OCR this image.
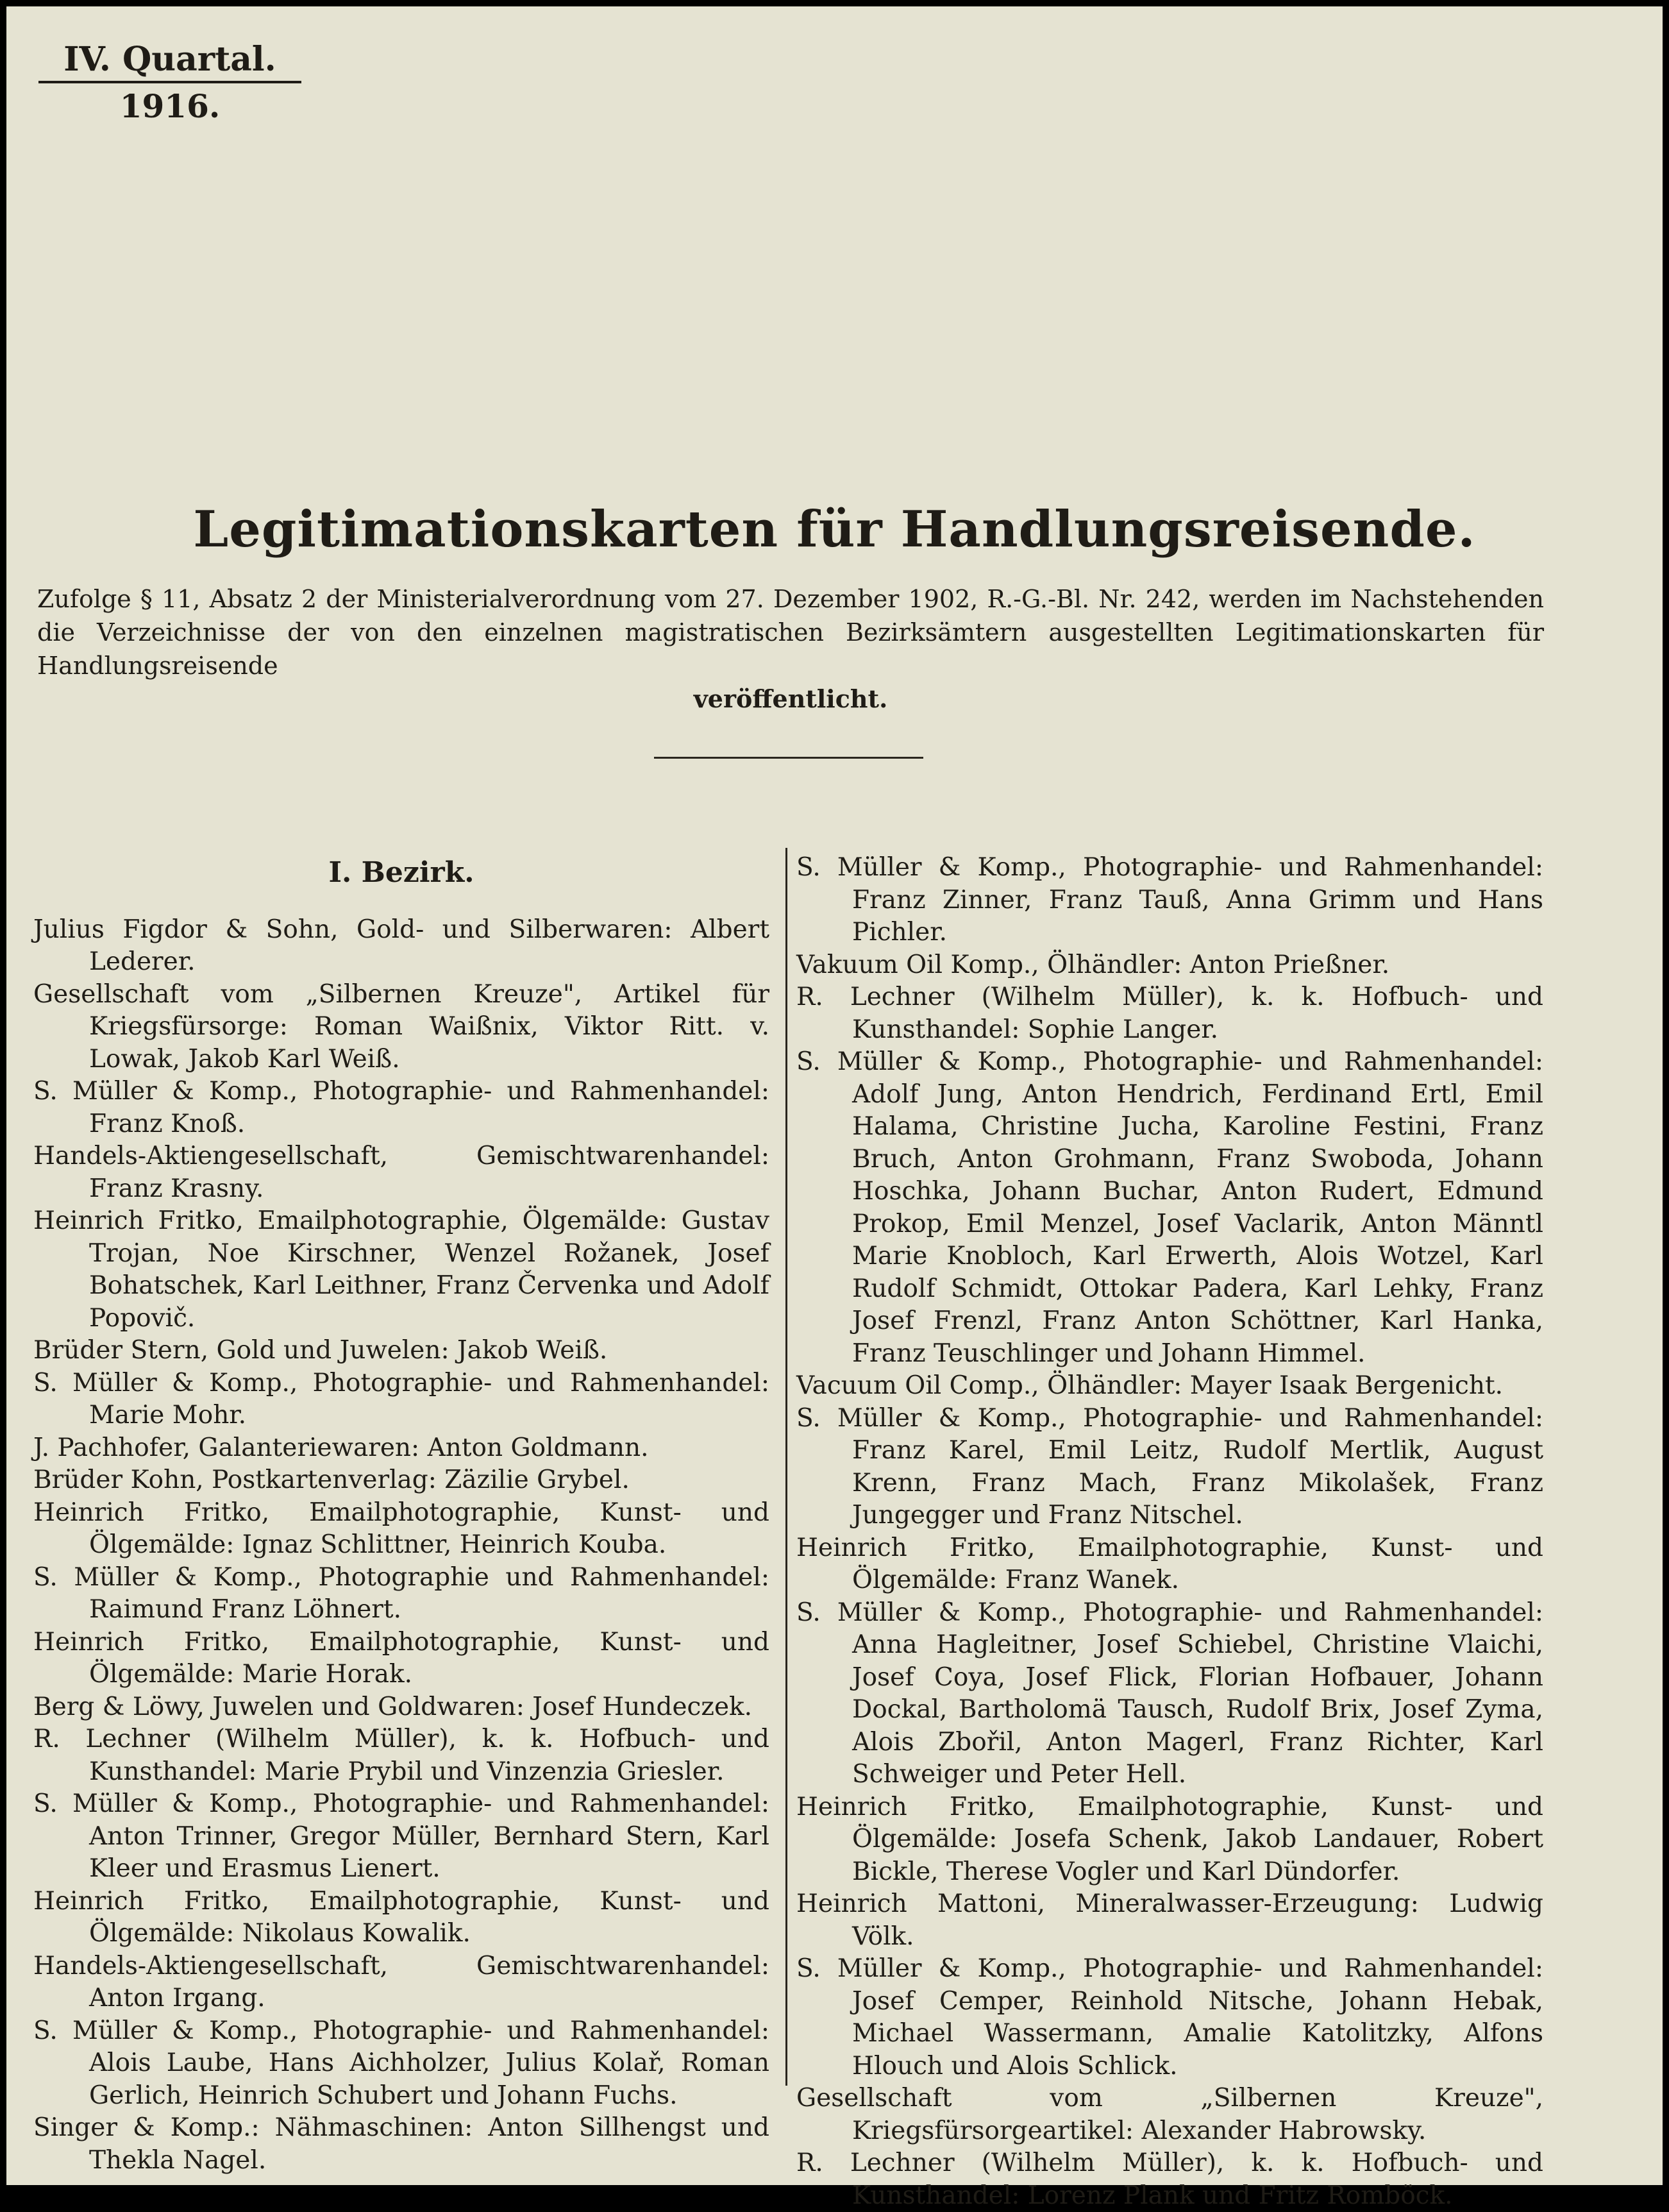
IV. Quartal.
1916.
Legitimationskarten für Handlungsreisende.
Zufolge § 11, Absatz 2 der Ministerialverordnung vom 27. Dezember 1902, R.-G.-Bl. Nr. 242, werden im Nachstehenden die Verzeichnisse der von den einzelnen magistratischen Bezirksämtern ausgestellten Legitimationskarten für Handlungsreisende
veröffentlicht.
I. Bezirk.
Julius Figdor & Sohn, Gold- und Silberwaren: Albert Lederer.
Gesellschaft vom „Silbernen Kreuze", Artikel für Kriegsfürsorge: Roman Waißnix, Viktor Ritt. v. Lowak, Jakob Karl Weiß.
S. Müller & Komp., Photographie- und Rahmenhandel: Franz Knoß.
Handels-Aktiengesellschaft, Gemischtwarenhandel: Franz Krasny.
Heinrich Fritko, Emailphotographie, Ölgemälde: Gustav Trojan, Noe Kirschner, Wenzel Rožanek, Josef Bohatschek, Karl Leithner, Franz Červenka und Adolf Popovič.
Brüder Stern, Gold und Juwelen: Jakob Weiß.
S. Müller & Komp., Photographie- und Rahmenhandel: Marie Mohr.
J. Pachhofer, Galanteriewaren: Anton Goldmann.
Brüder Kohn, Postkartenverlag: Zäzilie Grybel.
Heinrich Fritko, Emailphotographie, Kunst- und Ölgemälde: Ignaz Schlittner, Heinrich Kouba.
S. Müller & Komp., Photographie und Rahmenhandel: Raimund Franz Löhnert.
Heinrich Fritko, Emailphotographie, Kunst- und Ölgemälde: Marie Horak.
Berg & Löwy, Juwelen und Goldwaren: Josef Hundeczek.
R. Lechner (Wilhelm Müller), k. k. Hofbuch- und Kunsthandel: Marie Prybil und Vinzenzia Griesler.
S. Müller & Komp., Photographie- und Rahmenhandel: Anton Trinner, Gregor Müller, Bernhard Stern, Karl Kleer und Erasmus Lienert.
Heinrich Fritko, Emailphotographie, Kunst- und Ölgemälde: Nikolaus Kowalik.
Handels-Aktiengesellschaft, Gemischtwarenhandel: Anton Irgang.
S. Müller & Komp., Photographie- und Rahmenhandel: Alois Laube, Hans Aichholzer, Julius Kolař, Roman Gerlich, Heinrich Schubert und Johann Fuchs.
Singer & Komp.: Nähmaschinen: Anton Sillhengst und Thekla Nagel.
S. Müller & Komp., Photographie- und Rahmenhandel: Franz Zinner, Franz Tauß, Anna Grimm und Hans Pichler.
Vakuum Oil Komp., Ölhändler: Anton Prießner.
R. Lechner (Wilhelm Müller), k. k. Hofbuch- und Kunsthandel: Sophie Langer.
S. Müller & Komp., Photographie- und Rahmenhandel: Adolf Jung, Anton Hendrich, Ferdinand Ertl, Emil Halama, Christine Jucha, Karoline Festini, Franz Bruch, Anton Grohmann, Franz Swoboda, Johann Hoschka, Johann Buchar, Anton Rudert, Edmund Prokop, Emil Menzel, Josef Vaclarik, Anton Männtl Marie Knobloch, Karl Erwerth, Alois Wotzel, Karl Rudolf Schmidt, Ottokar Padera, Karl Lehky, Franz Josef Frenzl, Franz Anton Schöttner, Karl Hanka, Franz Teuschlinger und Johann Himmel.
Vacuum Oil Comp., Ölhändler: Mayer Isaak Bergenicht.
S. Müller & Komp., Photographie- und Rahmenhandel: Franz Karel, Emil Leitz, Rudolf Mertlik, August Krenn, Franz Mach, Franz Mikolašek, Franz Jungegger und Franz Nitschel.
Heinrich Fritko, Emailphotographie, Kunst- und Ölgemälde: Franz Wanek.
S. Müller & Komp., Photographie- und Rahmenhandel: Anna Hagleitner, Josef Schiebel, Christine Vlaichi, Josef Coya, Josef Flick, Florian Hofbauer, Johann Dockal, Bartholomä Tausch, Rudolf Brix, Josef Zyma, Alois Zbořil, Anton Magerl, Franz Richter, Karl Schweiger und Peter Hell.
Heinrich Fritko, Emailphotographie, Kunst- und Ölgemälde: Josefa Schenk, Jakob Landauer, Robert Bickle, Therese Vogler und Karl Dündorfer.
Heinrich Mattoni, Mineralwasser-Erzeugung: Ludwig Völk.
S. Müller & Komp., Photographie- und Rahmenhandel: Josef Cemper, Reinhold Nitsche, Johann Hebak, Michael Wassermann, Amalie Katolitzky, Alfons Hlouch und Alois Schlick.
Gesellschaft vom „Silbernen Kreuze", Kriegsfürsorgeartikel: Alexander Habrowsky.
R. Lechner (Wilhelm Müller), k. k. Hofbuch- und Kunsthandel: Lorenz Plank und Fritz Romböck.
